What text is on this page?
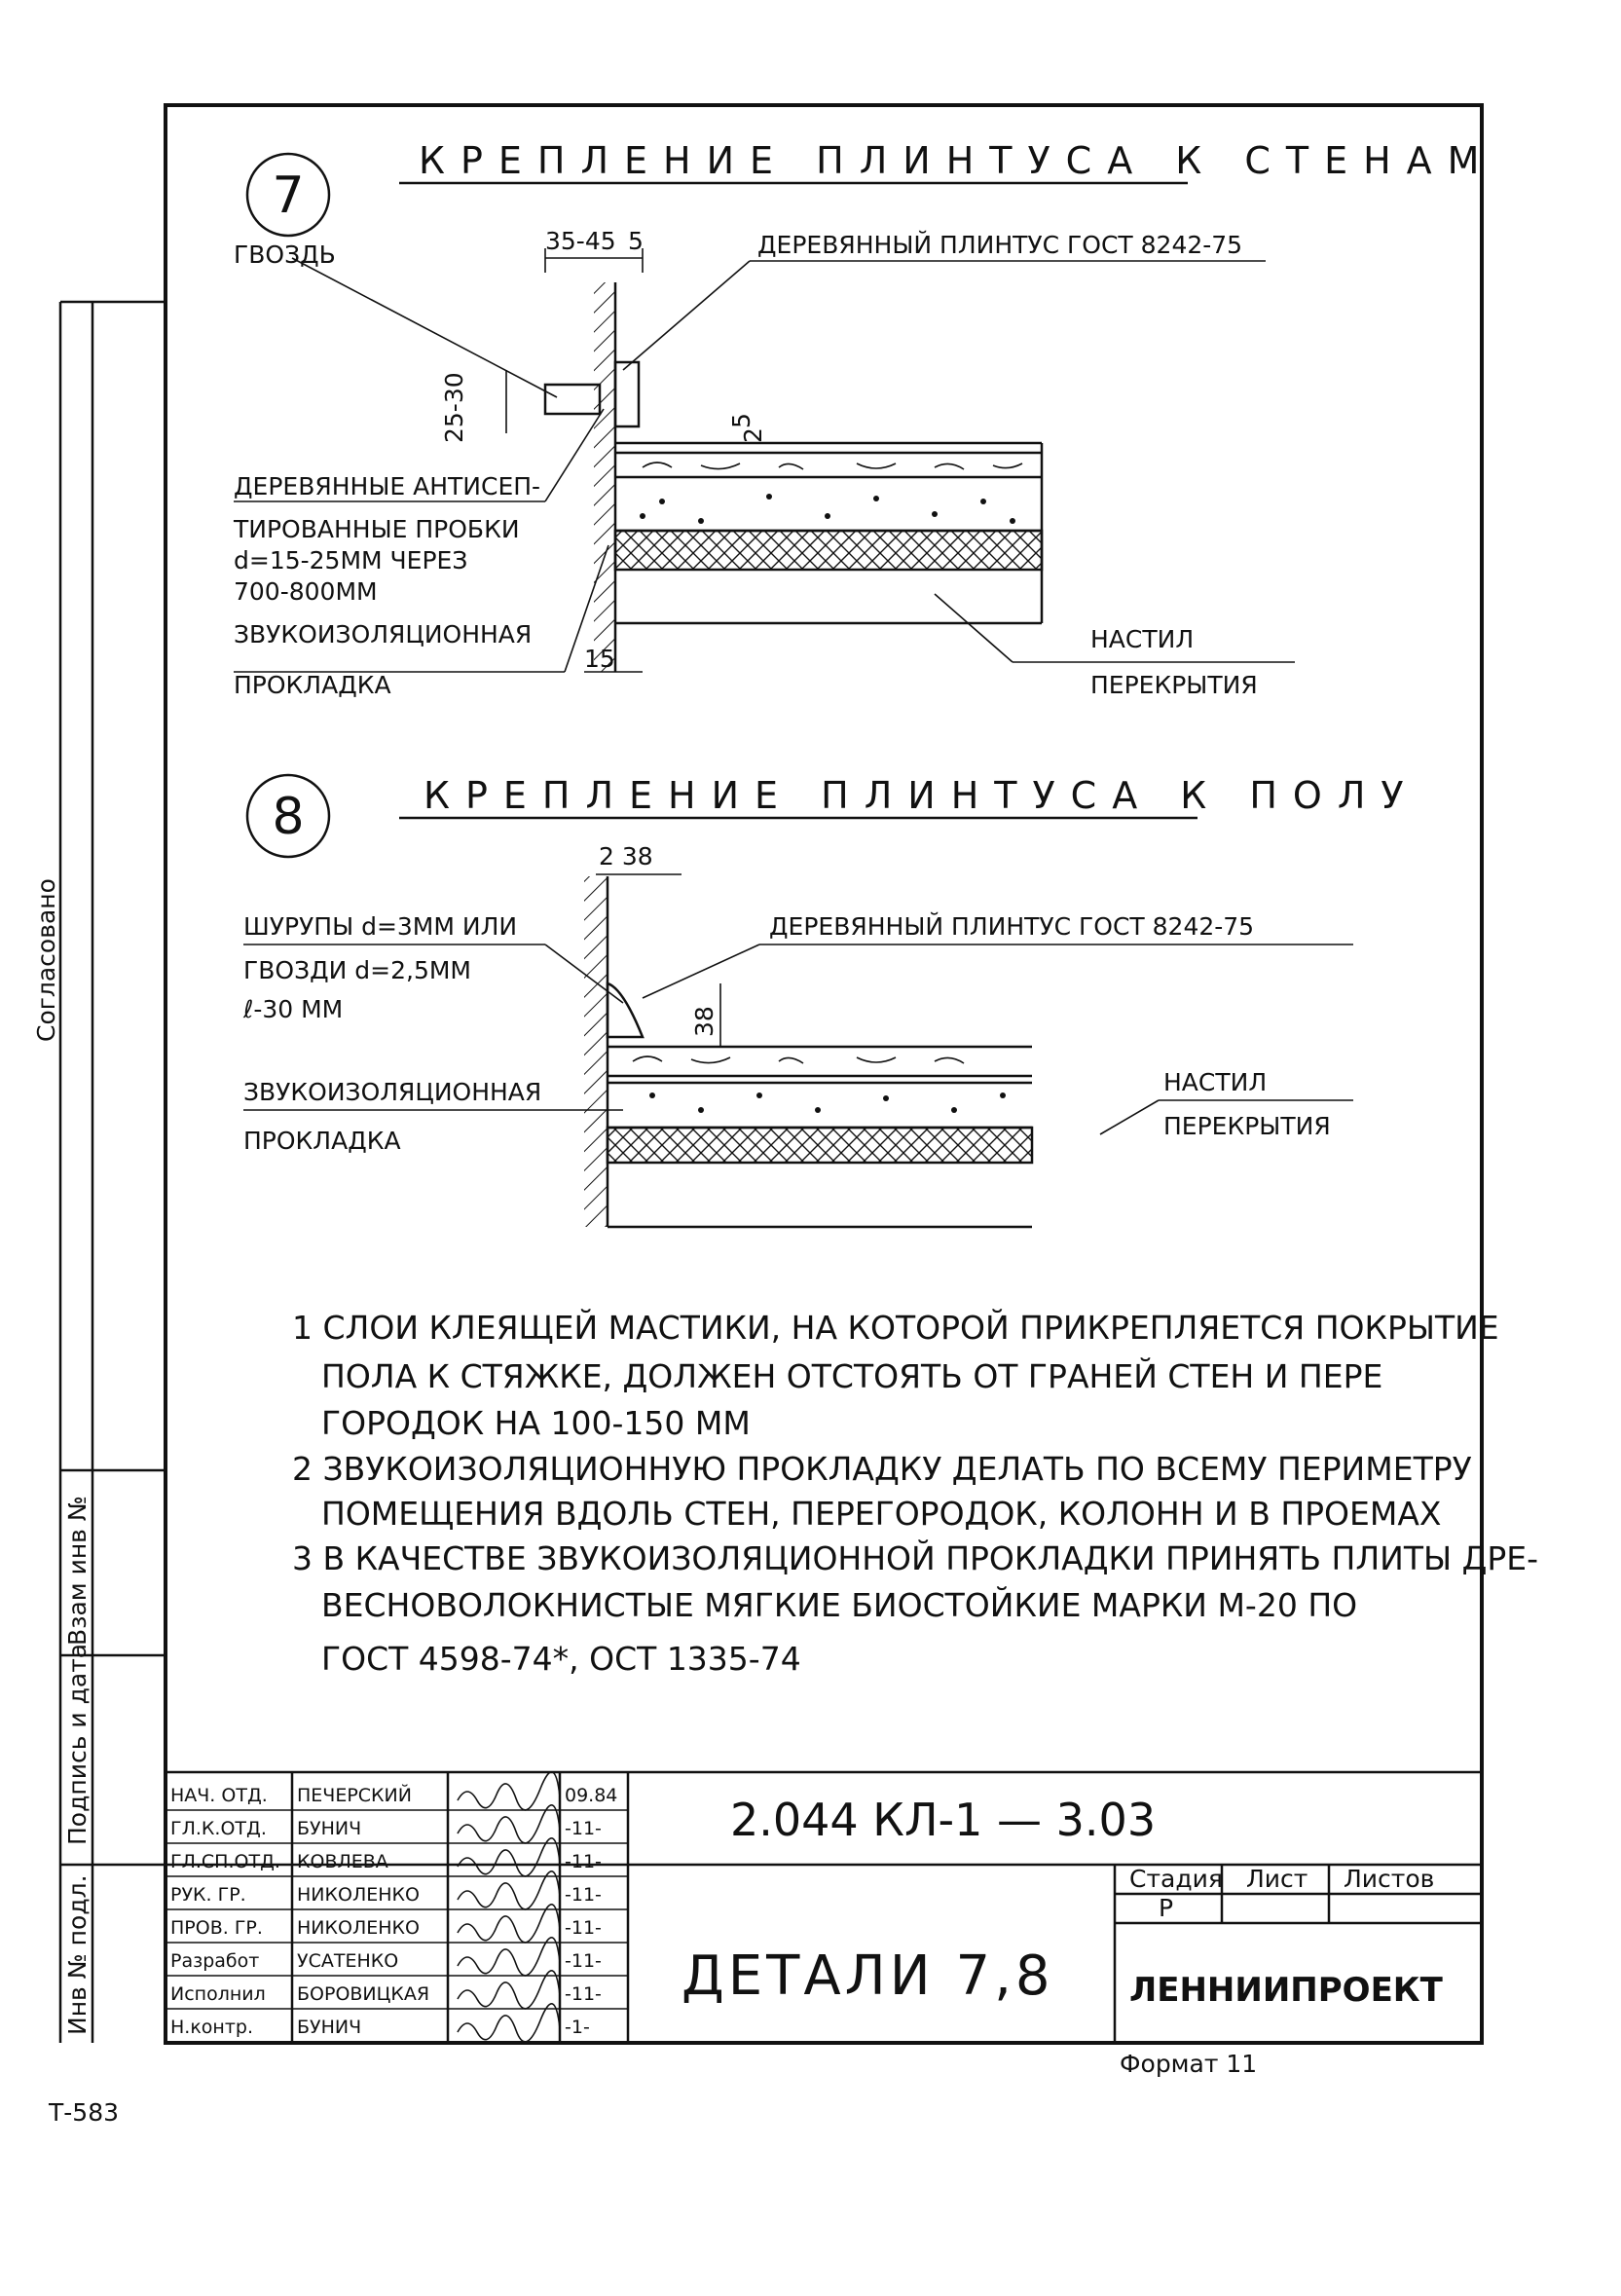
Согласовано
Взам инв №
Подпись и дата
Инв № подл.
7
КРЕПЛЕНИЕ ПЛИНТУСА К СТЕНАМ
35-45 5
25-30	5
2
15
ГВОЗДЬ	ДЕРЕВЯННЫЙ ПЛИНТУС ГОСТ 8242-75
ДЕРЕВЯННЫЕ АНТИСЕП-
ТИРОВАННЫЕ ПРОБКИ
d=15-25ММ ЧЕРЕЗ
700-800ММ
ЗВУКОИЗОЛЯЦИОННАЯ
ПРОКЛАДКА
НАСТИЛ
ПЕРЕКРЫТИЯ
8	КРЕПЛЕНИЕ ПЛИНТУСА К ПОЛУ
2 38
38
ШУРУПЫ d=3ММ ИЛИ
ГВОЗДИ d=2,5ММ
ℓ-30 ММ
ДЕРЕВЯННЫЙ ПЛИНТУС ГОСТ 8242-75
ЗВУКОИЗОЛЯЦИОННАЯ
ПРОКЛАДКА
НАСТИЛ
ПЕРЕКРЫТИЯ
1 СЛОИ КЛЕЯЩЕЙ МАСТИКИ, НА КОТОРОЙ ПРИКРЕПЛЯЕТСЯ ПОКРЫТИЕ
ПОЛА К СТЯЖКЕ, ДОЛЖЕН ОТСТОЯТЬ ОТ ГРАНЕЙ СТЕН И ПЕРЕ
ГОРОДОК НА 100-150 ММ
2 ЗВУКОИЗОЛЯЦИОННУЮ ПРОКЛАДКУ ДЕЛАТЬ ПО ВСЕМУ ПЕРИМЕТРУ
ПОМЕЩЕНИЯ ВДОЛЬ СТЕН, ПЕРЕГОРОДОК, КОЛОНН И В ПРОЕМАХ
3 В КАЧЕСТВЕ ЗВУКОИЗОЛЯЦИОННОЙ ПРОКЛАДКИ ПРИНЯТЬ ПЛИТЫ ДРЕ-
ВЕСНОВОЛОКНИСТЫЕ МЯГКИЕ БИОСТОЙКИЕ МАРКИ М-20 ПО
ГОСТ 4598-74*, ОСТ 1335-74
НАЧ. ОТД. ПЕЧЕРСКИЙ	09.84
ГЛ.К.ОТД. БУНИЧ	-11-
ГЛ.СП.ОТД. КОВЛЕВА	-11-
РУК. ГР.	НИКОЛЕНКО	-11-
ПРОВ. ГР. НИКОЛЕНКО	-11-
Разработ УСАТЕНКО	-11-
Исполнил БОРОВИЦКАЯ	-11-
Н.контр. БУНИЧ	-1-
2.044 КЛ-1 — 3.03
ДЕТАЛИ 7,8
Стадия Лист Листов
Р
ЛЕННИИПРОЕКТ
Формат 11
Т-583
